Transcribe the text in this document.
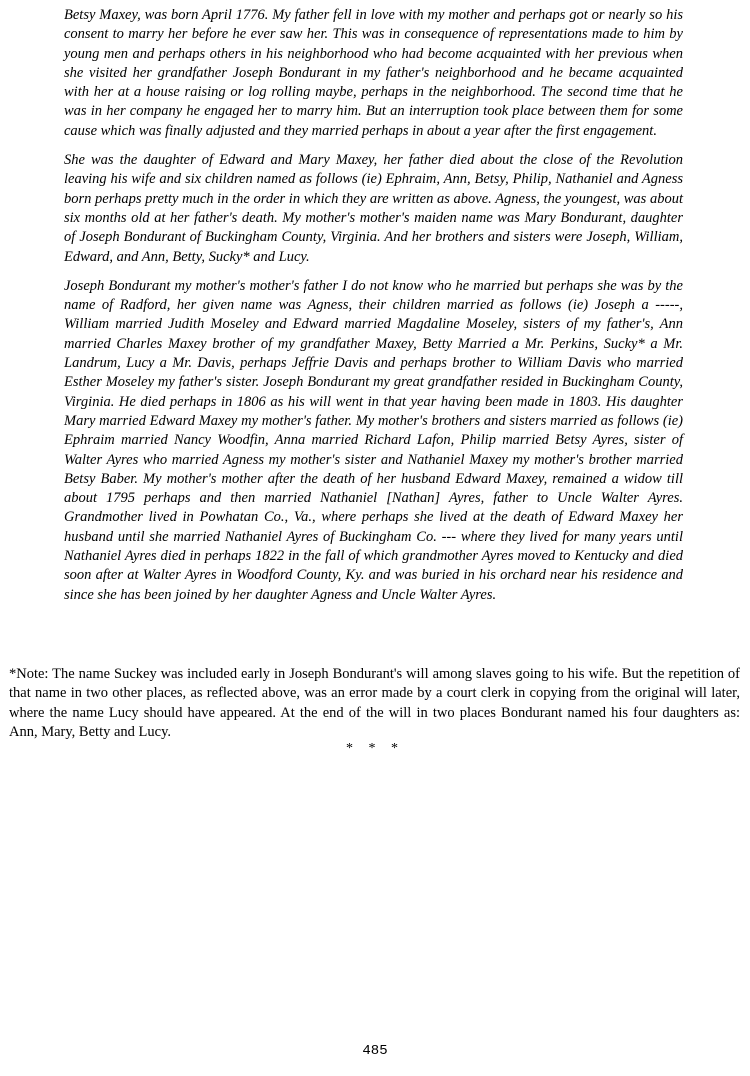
Betsy Maxey, was born April 1776. My father fell in love with my mother and perhaps got or nearly so his consent to marry her before he ever saw her. This was in consequence of representations made to him by young men and perhaps others in his neighborhood who had become acquainted with her previous when she visited her grandfather Joseph Bondurant in my father's neighborhood and he became acquainted with her at a house raising or log rolling maybe, perhaps in the neighborhood. The second time that he was in her company he engaged her to marry him. But an interruption took place between them for some cause which was finally adjusted and they married perhaps in about a year after the first engagement.

She was the daughter of Edward and Mary Maxey, her father died about the close of the Revolution leaving his wife and six children named as follows (ie) Ephraim, Ann, Betsy, Philip, Nathaniel and Agness born perhaps pretty much in the order in which they are written as above. Agness, the youngest, was about six months old at her father's death. My mother's mother's maiden name was Mary Bondurant, daughter of Joseph Bondurant of Buckingham County, Virginia. And her brothers and sisters were Joseph, William, Edward, and Ann, Betty, Sucky* and Lucy.

Joseph Bondurant my mother's mother's father I do not know who he married but perhaps she was by the name of Radford, her given name was Agness, their children married as follows (ie) Joseph a -----, William married Judith Moseley and Edward married Magdaline Moseley, sisters of my father's, Ann married Charles Maxey brother of my grandfather Maxey, Betty Married a Mr. Perkins, Sucky* a Mr. Landrum, Lucy a Mr. Davis, perhaps Jeffrie Davis and perhaps brother to William Davis who married Esther Moseley my father's sister. Joseph Bondurant my great grandfather resided in Buckingham County, Virginia. He died perhaps in 1806 as his will went in that year having been made in 1803. His daughter Mary married Edward Maxey my mother's father. My mother's brothers and sisters married as follows (ie) Ephraim married Nancy Woodfin, Anna married Richard Lafon, Philip married Betsy Ayres, sister of Walter Ayres who married Agness my mother's sister and Nathaniel Maxey my mother's brother married Betsy Baber. My mother's mother after the death of her husband Edward Maxey, remained a widow till about 1795 perhaps and then married Nathaniel [Nathan] Ayres, father to Uncle Walter Ayres. Grandmother lived in Powhatan Co., Va., where perhaps she lived at the death of Edward Maxey her husband until she married Nathaniel Ayres of Buckingham Co. --- where they lived for many years until Nathaniel Ayres died in perhaps 1822 in the fall of which grandmother Ayres moved to Kentucky and died soon after at Walter Ayres in Woodford County, Ky. and was buried in his orchard near his residence and since she has been joined by her daughter Agness and Uncle Walter Ayres.

*Note: The name Suckey was included early in Joseph Bondurant's will among slaves going to his wife. But the repetition of that name in two other places, as reflected above, was an error made by a court clerk in copying from the original will later, where the name Lucy should have appeared. At the end of the will in two places Bondurant named his four daughters as: Ann, Mary, Betty and Lucy.

* * *
485
